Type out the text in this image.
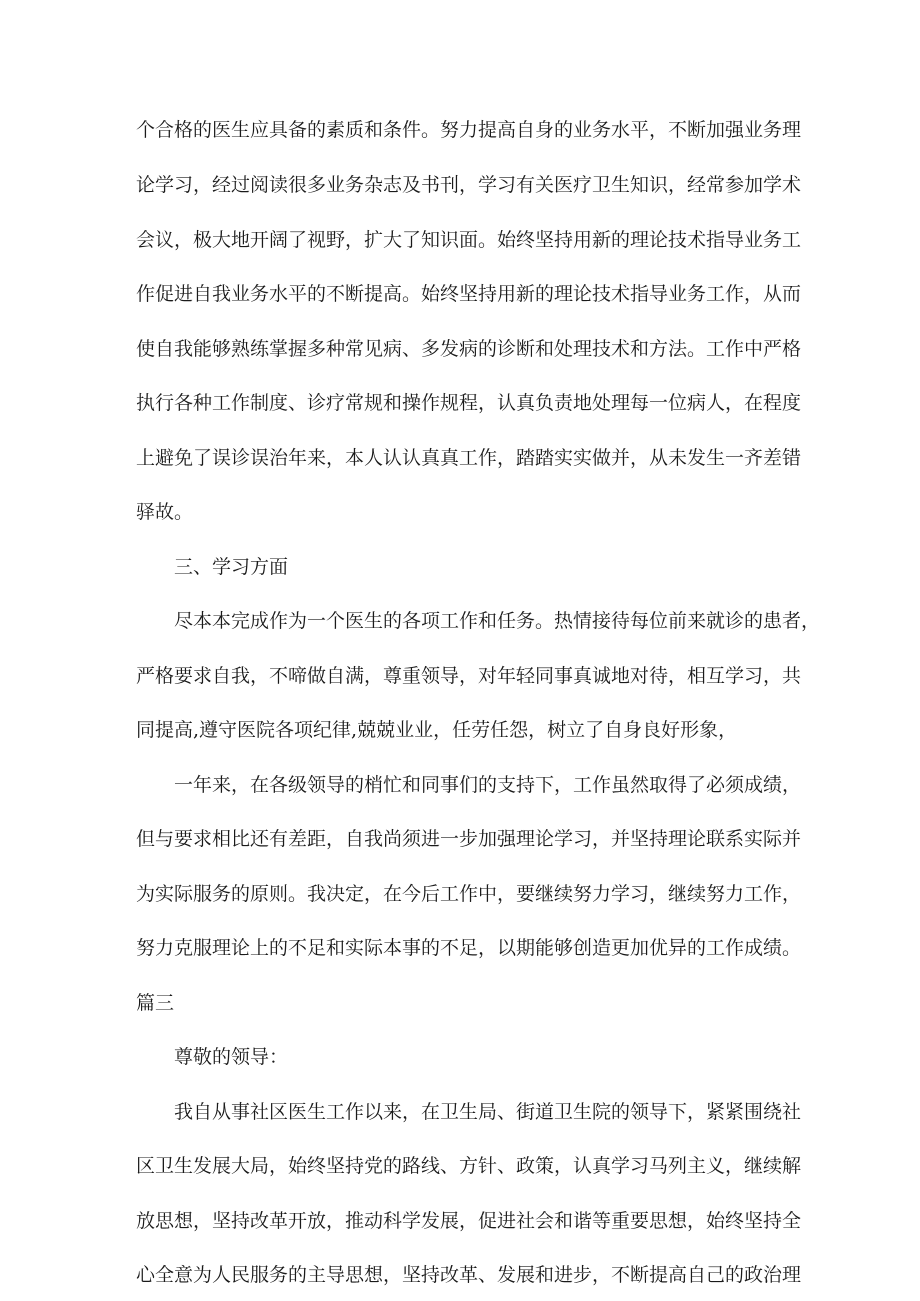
个合格的医生应具备的素质和条件。努力提高自身的业务水平，不断加强业务理
论学习，经过阅读很多业务杂志及书刊，学习有关医疗卫生知识，经常参加学术
会议，极大地开阔了视野，扩大了知识面。始终坚持用新的理论技术指导业务工
作促进自我业务水平的不断提高。始终坚持用新的理论技术指导业务工作，从而
使自我能够熟练掌握多种常见病、多发病的诊断和处理技术和方法。工作中严格
执行各种工作制度、诊疗常规和操作规程，认真负责地处理每一位病人，在程度
上避免了误诊误治年来，本人认认真真工作，踏踏实实做并，从未发生一齐差错
驿故。
三、学习方面
尽本本完成作为一个医生的各项工作和任务。热情接待每位前来就诊的患者，
严格要求自我，不啼做自满，尊重领导，对年轻同事真诚地对待，相互学习，共
同提高,遵守医院各项纪律,兢兢业业，任劳任怨，树立了自身良好形象，
一年来，在各级领导的梢忙和同事们的支持下，工作虽然取得了必须成绩，
但与要求相比还有差距，自我尚须进一步加强理论学习，并坚持理论联系实际并
为实际服务的原则。我决定，在今后工作中，要继续努力学习，继续努力工作，
努力克服理论上的不足和实际本事的不足，以期能够创造更加优异的工作成绩。
篇三
尊敬的领导：
我自从事社区医生工作以来，在卫生局、街道卫生院的领导下，紧紧围绕社
区卫生发展大局，始终坚持党的路线、方针、政策，认真学习马列主义，继续解
放思想，坚持改革开放，推动科学发展，促进社会和谐等重要思想，始终坚持全
心全意为人民服务的主导思想，坚持改革、发展和进步，不断提高自己的政治理
